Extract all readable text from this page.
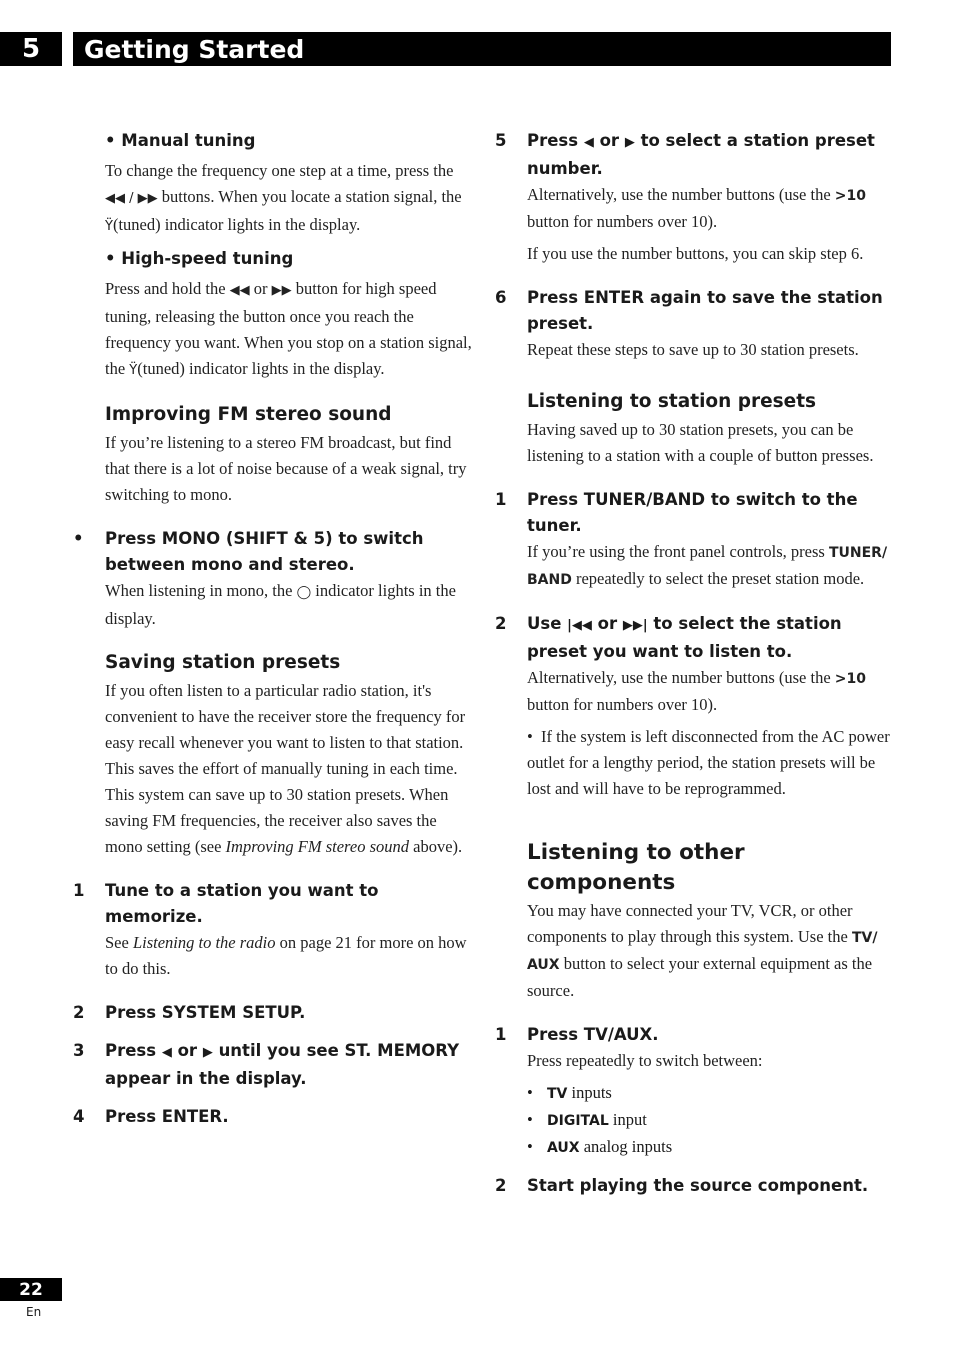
5	Getting Started
• Manual tuning

To change the frequency one step at a time, press the ◀◀ / ▶▶ buttons. When you locate a station signal, the Ÿ(tuned) indicator lights in the display.

• High-speed tuning

Press and hold the ◀◀ or ▶▶ button for high speed tuning, releasing the button once you reach the frequency you want. When you stop on a station signal, the Ÿ(tuned) indicator lights in the display.

Improving FM stereo sound

If you’re listening to a stereo FM broadcast, but find that there is a lot of noise because of a weak signal, try switching to mono.

•	Press MONO (SHIFT & 5) to switch between mono and stereo.

When listening in mono, the ◯ indicator lights in the display.

Saving station presets

If you often listen to a particular radio station, it's convenient to have the receiver store the frequency for easy recall whenever you want to listen to that station. This saves the effort of manually tuning in each time. This system can save up to 30 station presets. When saving FM frequencies, the receiver also saves the mono setting (see Improving FM stereo sound above).

1	Tune to a station you want to memorize.

See Listening to the radio on page 21 for more on how to do this.

2	Press SYSTEM SETUP.
3	Press ◀ or ▶ until you see ST. MEMORY appear in the display.
4	Press ENTER.
5	Press ◀ or ▶ to select a station preset number.

Alternatively, use the number buttons (use the >10 button for numbers over 10).

If you use the number buttons, you can skip step 6.

6	Press ENTER again to save the station preset.

Repeat these steps to save up to 30 station presets.

Listening to station presets

Having saved up to 30 station presets, you can be listening to a station with a couple of button presses.

1	Press TUNER/BAND to switch to the tuner.

If you’re using the front panel controls, press TUNER/ BAND repeatedly to select the preset station mode.

2	Use |◀◀ or ▶▶| to select the station preset you want to listen to.

Alternatively, use the number buttons (use the >10 button for numbers over 10).

•  If the system is left disconnected from the AC power outlet for a lengthy period, the station presets will be lost and will have to be reprogrammed.

Listening to other components

You may have connected your TV, VCR, or other components to play through this system. Use the TV/ AUX button to select your external equipment as the source.

1	Press TV/AUX.

Press repeatedly to switch between:

•	TV inputs
•	DIGITAL input
•	AUX analog inputs
2	Start playing the source component.
22
En
